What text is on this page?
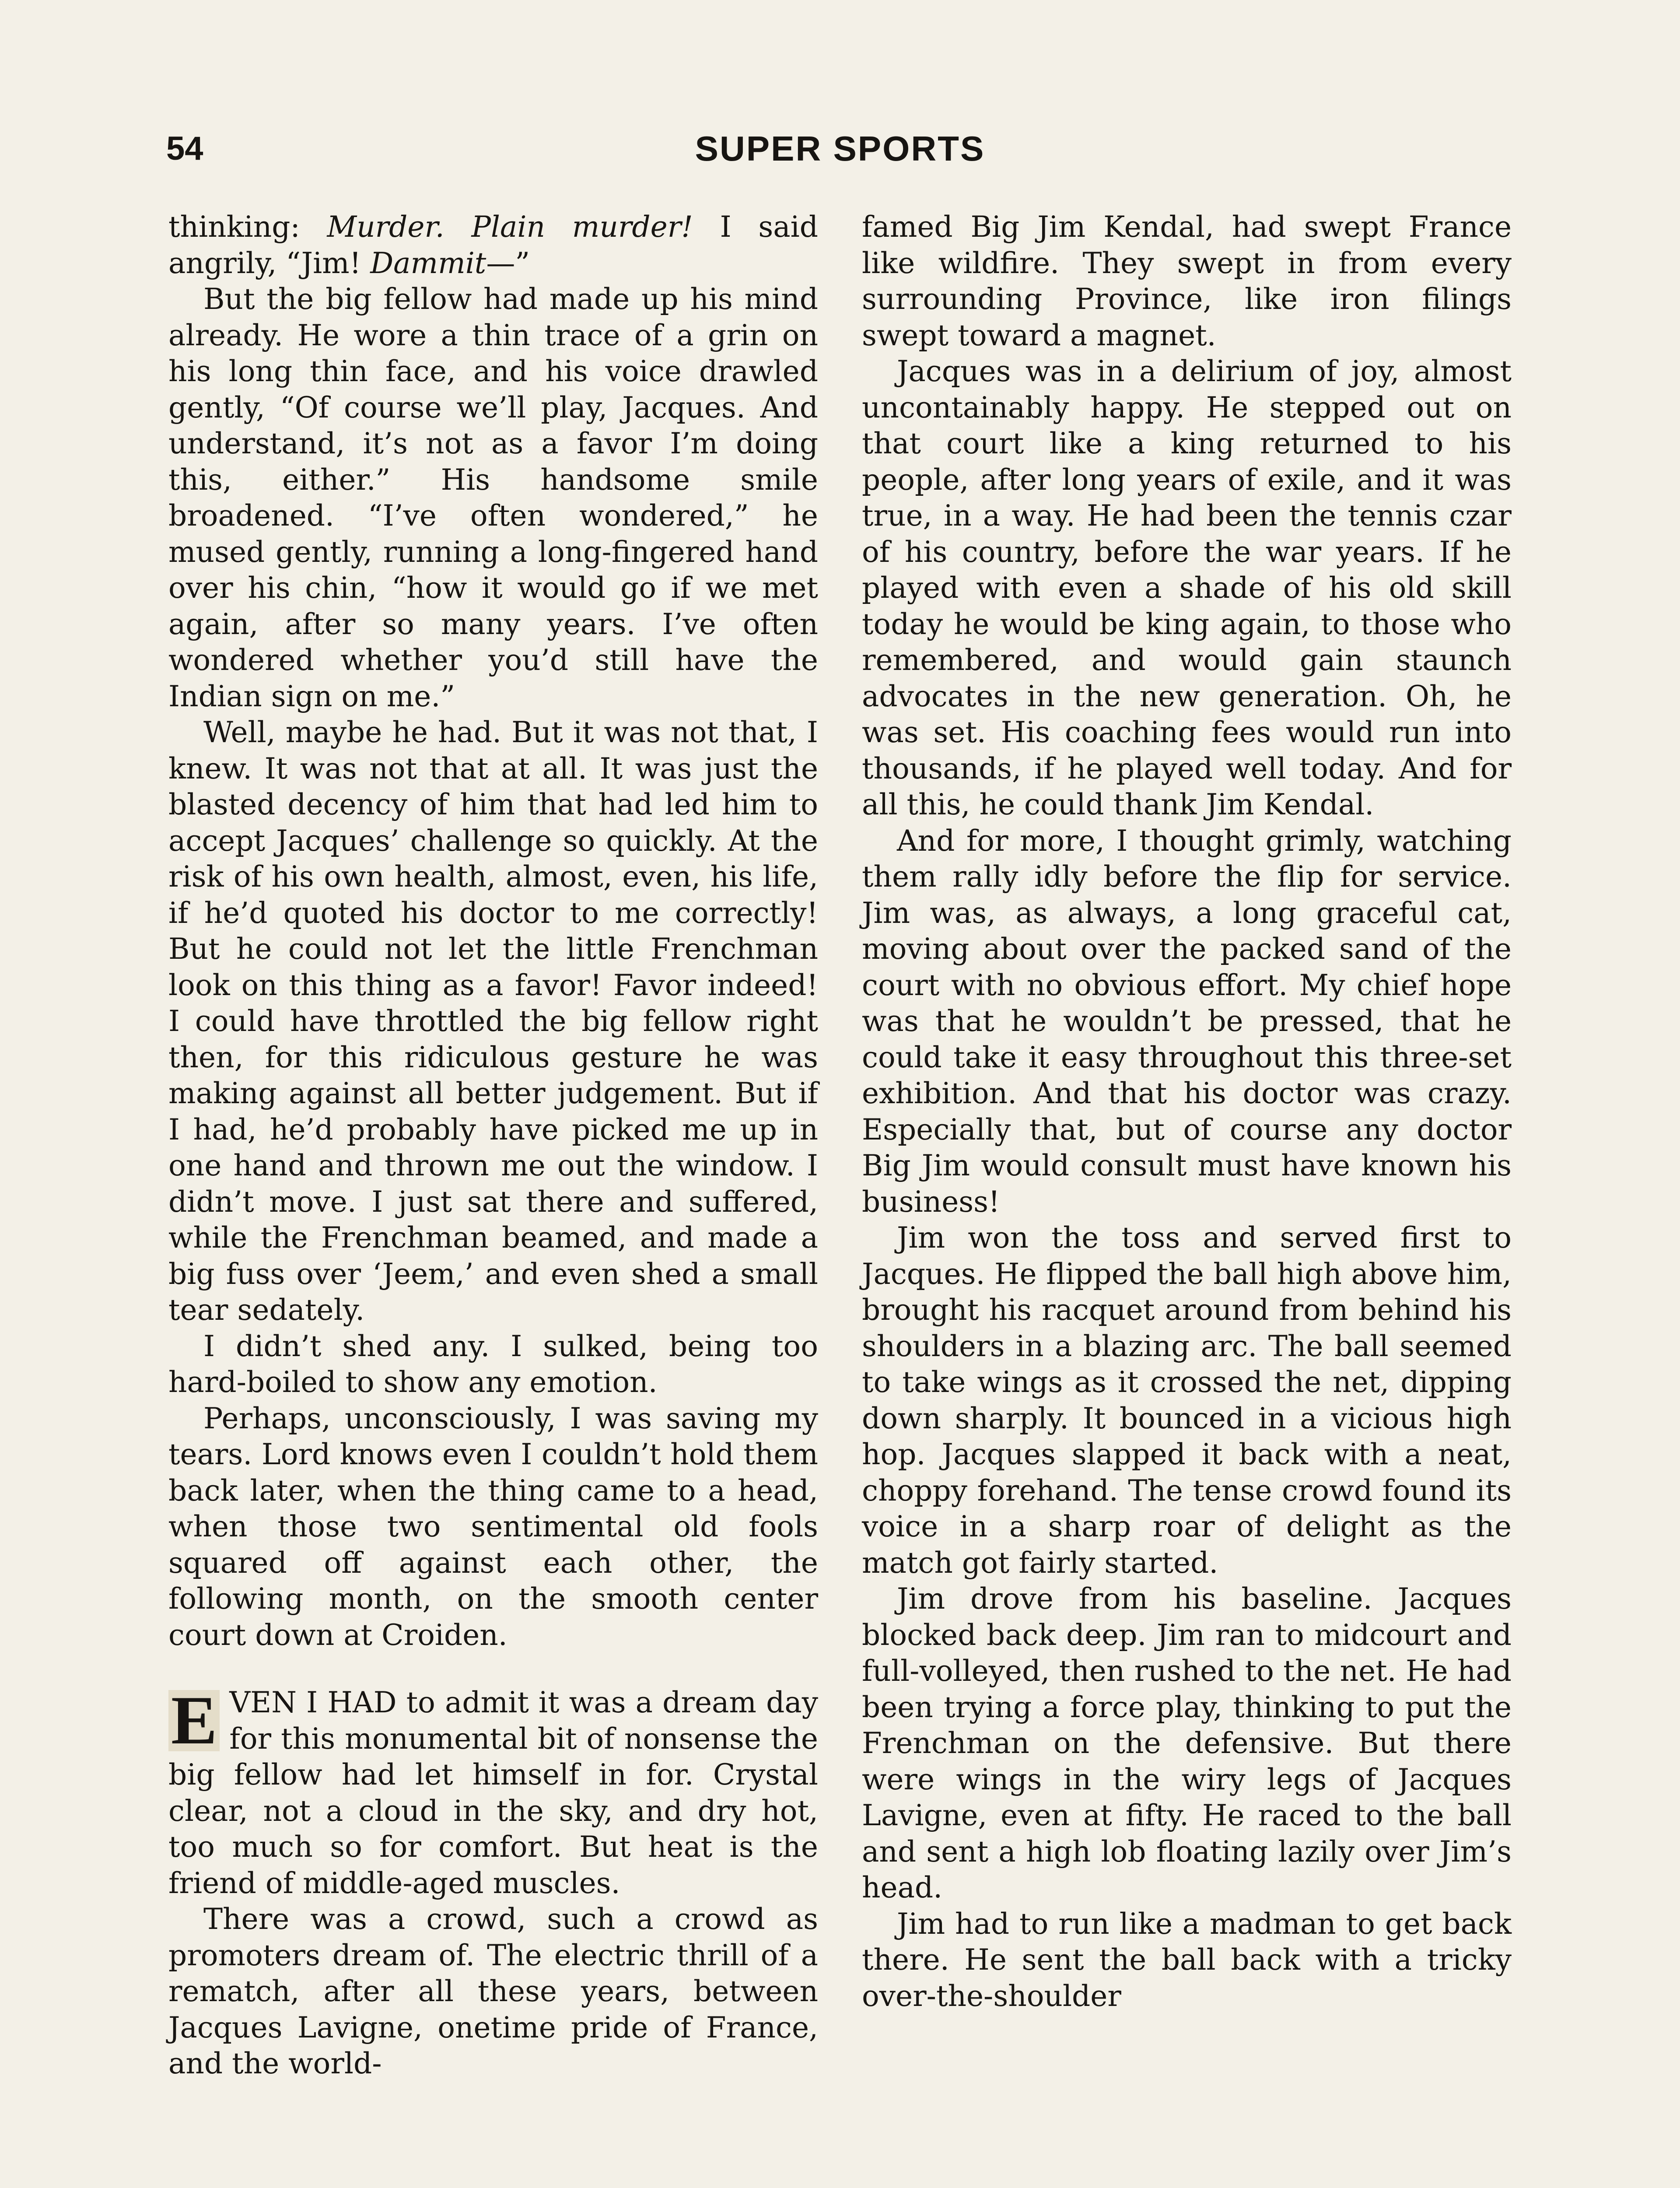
54	SUPER SPORTS

thinking: Murder. Plain murder! I said angrily, “Jim! Dammit—”

But the big fellow had made up his mind already. He wore a thin trace of a grin on his long thin face, and his voice drawled gently, “Of course we’ll play, Jacques. And understand, it’s not as a favor I’m doing this, either.” His handsome smile broadened. “I’ve often wondered,” he mused gently, running a long-fingered hand over his chin, “how it would go if we met again, after so many years. I’ve often wondered whether you’d still have the Indian sign on me.”

Well, maybe he had. But it was not that, I knew. It was not that at all. It was just the blasted decency of him that had led him to accept Jacques’ challenge so quickly. At the risk of his own health, almost, even, his life, if he’d quoted his doctor to me correctly! But he could not let the little Frenchman look on this thing as a favor! Favor indeed! I could have throttled the big fellow right then, for this ridiculous gesture he was making against all better judgement. But if I had, he’d probably have picked me up in one hand and thrown me out the window. I didn’t move. I just sat there and suffered, while the Frenchman beamed, and made a big fuss over ‘Jeem,’ and even shed a small tear sedately.

I didn’t shed any. I sulked, being too hard-boiled to show any emotion.

Perhaps, unconsciously, I was saving my tears. Lord knows even I couldn’t hold them back later, when the thing came to a head, when those two sentimental old fools squared off against each other, the following month, on the smooth center court down at Croiden.

E VEN I HAD to admit it was a dream day for this monumental bit of nonsense the big fellow had let himself in for. Crystal clear, not a cloud in the sky, and dry hot, too much so for comfort. But heat is the friend of middle-aged muscles.

There was a crowd, such a crowd as promoters dream of. The electric thrill of a rematch, after all these years, between Jacques Lavigne, onetime pride of France, and the world-

famed Big Jim Kendal, had swept France like wildfire. They swept in from every surrounding Province, like iron filings swept toward a magnet.

Jacques was in a delirium of joy, almost uncontainably happy. He stepped out on that court like a king returned to his people, after long years of exile, and it was true, in a way. He had been the tennis czar of his country, before the war years. If he played with even a shade of his old skill today he would be king again, to those who remembered, and would gain staunch advocates in the new generation. Oh, he was set. His coaching fees would run into thousands, if he played well today. And for all this, he could thank Jim Kendal.

And for more, I thought grimly, watching them rally idly before the flip for service. Jim was, as always, a long graceful cat, moving about over the packed sand of the court with no obvious effort. My chief hope was that he wouldn’t be pressed, that he could take it easy throughout this three-set exhibition. And that his doctor was crazy. Especially that, but of course any doctor Big Jim would consult must have known his business!

Jim won the toss and served first to Jacques. He flipped the ball high above him, brought his racquet around from behind his shoulders in a blazing arc. The ball seemed to take wings as it crossed the net, dipping down sharply. It bounced in a vicious high hop. Jacques slapped it back with a neat, choppy forehand. The tense crowd found its voice in a sharp roar of delight as the match got fairly started.

Jim drove from his baseline. Jacques blocked back deep. Jim ran to midcourt and full-volleyed, then rushed to the net. He had been trying a force play, thinking to put the Frenchman on the defensive. But there were wings in the wiry legs of Jacques Lavigne, even at fifty. He raced to the ball and sent a high lob floating lazily over Jim’s head.

Jim had to run like a madman to get back there. He sent the ball back with a tricky over-the-shoulder
